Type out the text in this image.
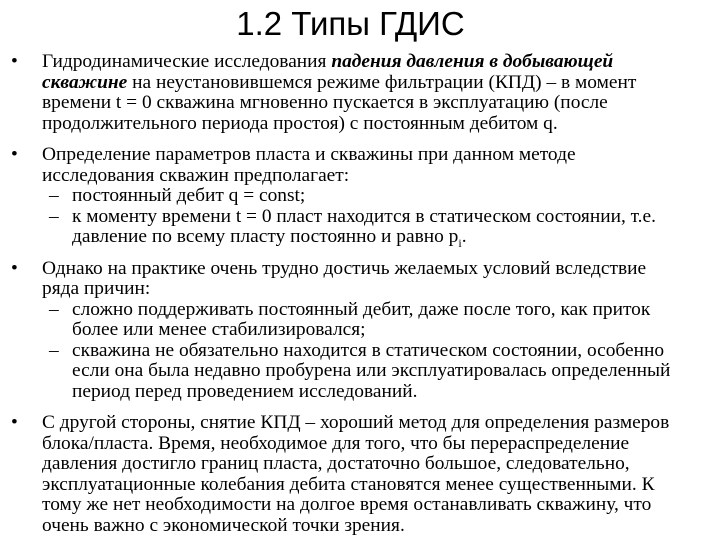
1.2 Типы ГДИС
• Гидродинамические исследования падения давления в добывающей скважине на неустановившемся режиме фильтрации (КПД) – в момент времени t = 0 скважина мгновенно пускается в эксплуатацию (после продолжительного периода простоя) с постоянным дебитом q.
• Определение параметров пласта и скважины при данном методе исследования скважин предполагает:
– постоянный дебит q = const;
– к моменту времени t = 0 пласт находится в статическом состоянии, т.е. давление по всему пласту постоянно и равно $p_i$.
• Однако на практике очень трудно достичь желаемых условий вследствие ряда причин:
– сложно поддерживать постоянный дебит, даже после того, как приток более или менее стабилизировался;
– скважина не обязательно находится в статическом состоянии, особенно если она была недавно пробурена или эксплуатировалась определенный период перед проведением исследований.
• С другой стороны, снятие КПД – хороший метод для определения размеров блока/пласта. Время, необходимое для того, что бы перераспределение давления достигло границ пласта, достаточно большое, следовательно, эксплуатационные колебания дебита становятся менее существенными. К тому же нет необходимости на долгое время останавливать скважину, что очень важно с экономической точки зрения.
